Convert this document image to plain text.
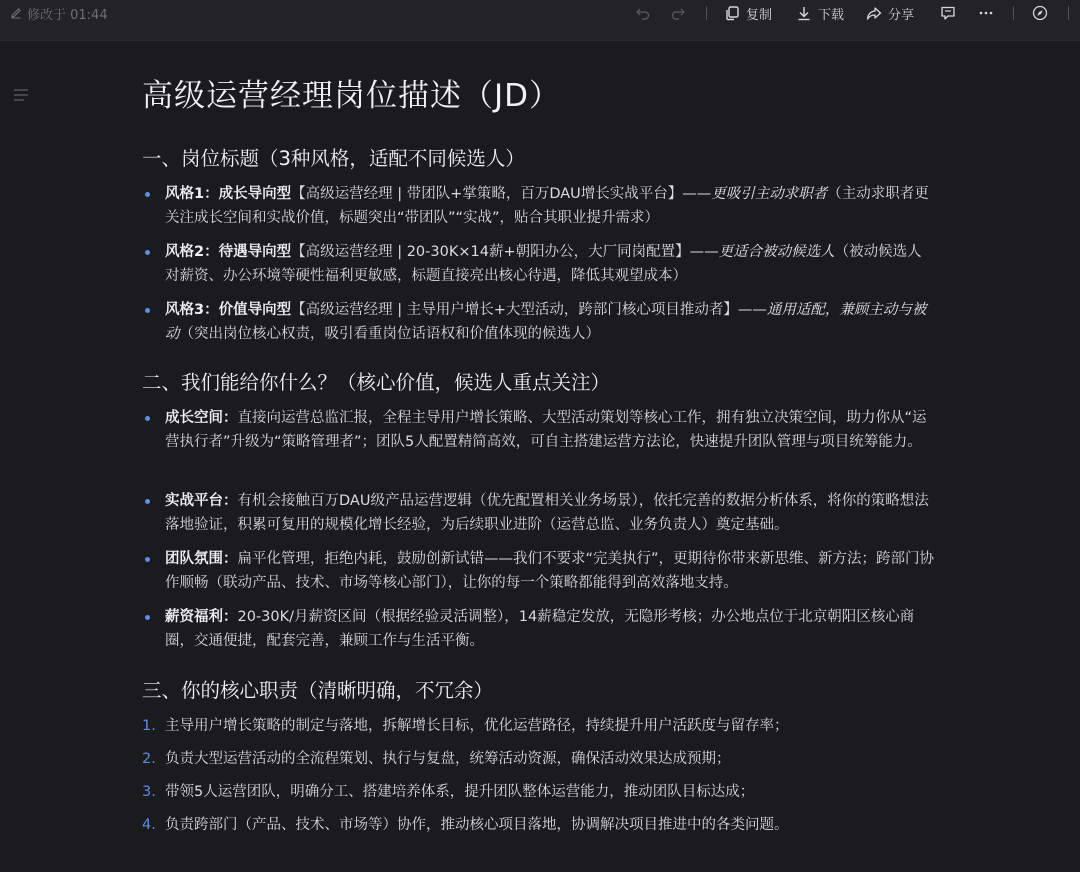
修改于 01:44	复制	下载	分享
高级运营经理岗位描述（JD）
一、岗位标题（3种风格，适配不同候选人）
风格1：成长导向型【高级运营经理 | 带团队+掌策略，百万DAU增长实战平台】——更吸引主动求职者（主动求职者更关注成长空间和实战价值，标题突出“带团队”“实战”，贴合其职业提升需求）
风格2：待遇导向型【高级运营经理 | 20-30K×14薪+朝阳办公，大厂同岗配置】——更适合被动候选人（被动候选人对薪资、办公环境等硬性福利更敏感，标题直接亮出核心待遇，降低其观望成本）
风格3：价值导向型【高级运营经理 | 主导用户增长+大型活动，跨部门核心项目推动者】——通用适配，兼顾主动与被动（突出岗位核心权责，吸引看重岗位话语权和价值体现的候选人）
二、我们能给你什么？（核心价值，候选人重点关注）
成长空间：直接向运营总监汇报，全程主导用户增长策略、大型活动策划等核心工作，拥有独立决策空间，助力你从“运营执行者”升级为“策略管理者”；团队5人配置精简高效，可自主搭建运营方法论，快速提升团队管理与项目统筹能力。
实战平台：有机会接触百万DAU级产品运营逻辑（优先配置相关业务场景），依托完善的数据分析体系，将你的策略想法落地验证，积累可复用的规模化增长经验，为后续职业进阶（运营总监、业务负责人）奠定基础。
团队氛围：扁平化管理，拒绝内耗，鼓励创新试错——我们不要求“完美执行”，更期待你带来新思维、新方法；跨部门协作顺畅（联动产品、技术、市场等核心部门），让你的每一个策略都能得到高效落地支持。
薪资福利：20-30K/月薪资区间（根据经验灵活调整），14薪稳定发放，无隐形考核；办公地点位于北京朝阳区核心商圈，交通便捷，配套完善，兼顾工作与生活平衡。
三、你的核心职责（清晰明确，不冗余）
1. 主导用户增长策略的制定与落地，拆解增长目标，优化运营路径，持续提升用户活跃度与留存率；
2. 负责大型运营活动的全流程策划、执行与复盘，统筹活动资源，确保活动效果达成预期；
3. 带领5人运营团队，明确分工、搭建培养体系，提升团队整体运营能力，推动团队目标达成；
4. 负责跨部门（产品、技术、市场等）协作，推动核心项目落地，协调解决项目推进中的各类问题。
